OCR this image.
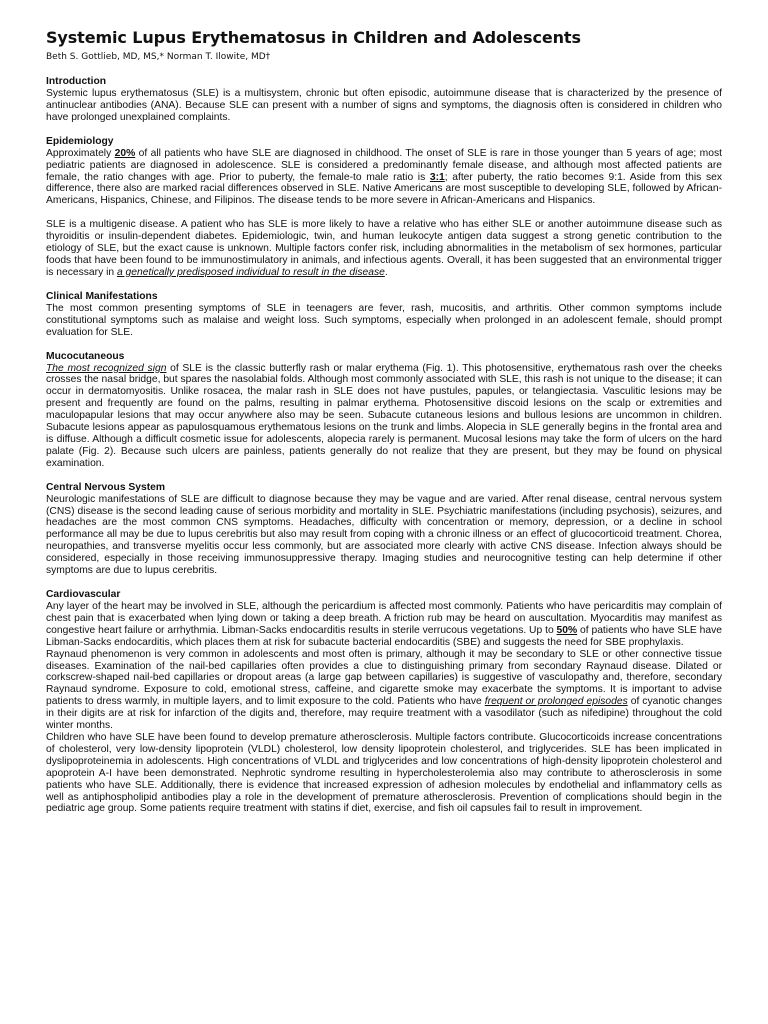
Systemic Lupus Erythematosus in Children and Adolescents
Beth S. Gottlieb, MD, MS,* Norman T. Ilowite, MD†
Introduction

Systemic lupus erythematosus (SLE) is a multisystem, chronic but often episodic, autoimmune disease that is characterized by the presence of antinuclear antibodies (ANA). Because SLE can present with a number of signs and symptoms, the diagnosis often is considered in children who have prolonged unexplained complaints.

Epidemiology

Approximately 20% of all patients who have SLE are diagnosed in childhood. The onset of SLE is rare in those younger than 5 years of age; most pediatric patients are diagnosed in adolescence. SLE is considered a predominantly female disease, and although most affected patients are female, the ratio changes with age. Prior to puberty, the female-to male ratio is 3:1; after puberty, the ratio becomes 9:1. Aside from this sex difference, there also are marked racial differences observed in SLE. Native Americans are most susceptible to developing SLE, followed by African-Americans, Hispanics, Chinese, and Filipinos. The disease tends to be more severe in African-Americans and Hispanics.

SLE is a multigenic disease. A patient who has SLE is more likely to have a relative who has either SLE or another autoimmune disease such as thyroiditis or insulin-dependent diabetes. Epidemiologic, twin, and human leukocyte antigen data suggest a strong genetic contribution to the etiology of SLE, but the exact cause is unknown. Multiple factors confer risk, including abnormalities in the metabolism of sex hormones, particular foods that have been found to be immunostimulatory in animals, and infectious agents. Overall, it has been suggested that an environmental trigger is necessary in a genetically predisposed individual to result in the disease.

Clinical Manifestations

The most common presenting symptoms of SLE in teenagers are fever, rash, mucositis, and arthritis. Other common symptoms include constitutional symptoms such as malaise and weight loss. Such symptoms, especially when prolonged in an adolescent female, should prompt evaluation for SLE.

Mucocutaneous

The most recognized sign of SLE is the classic butterfly rash or malar erythema (Fig. 1). This photosensitive, erythematous rash over the cheeks crosses the nasal bridge, but spares the nasolabial folds. Although most commonly associated with SLE, this rash is not unique to the disease; it can occur in dermatomyositis. Unlike rosacea, the malar rash in SLE does not have pustules, papules, or telangiectasia. Vasculitic lesions may be present and frequently are found on the palms, resulting in palmar erythema. Photosensitive discoid lesions on the scalp or extremities and maculopapular lesions that may occur anywhere also may be seen. Subacute cutaneous lesions and bullous lesions are uncommon in children. Subacute lesions appear as papulosquamous erythematous lesions on the trunk and limbs. Alopecia in SLE generally begins in the frontal area and is diffuse. Although a difficult cosmetic issue for adolescents, alopecia rarely is permanent. Mucosal lesions may take the form of ulcers on the hard palate (Fig. 2). Because such ulcers are painless, patients generally do not realize that they are present, but they may be found on physical examination.

Central Nervous System

Neurologic manifestations of SLE are difficult to diagnose because they may be vague and are varied. After renal disease, central nervous system (CNS) disease is the second leading cause of serious morbidity and mortality in SLE. Psychiatric manifestations (including psychosis), seizures, and headaches are the most common CNS symptoms. Headaches, difficulty with concentration or memory, depression, or a decline in school performance all may be due to lupus cerebritis but also may result from coping with a chronic illness or an effect of glucocorticoid treatment. Chorea, neuropathies, and transverse myelitis occur less commonly, but are associated more clearly with active CNS disease. Infection always should be considered, especially in those receiving immunosuppressive therapy. Imaging studies and neurocognitive testing can help determine if other symptoms are due to lupus cerebritis.

Cardiovascular

Any layer of the heart may be involved in SLE, although the pericardium is affected most commonly. Patients who have pericarditis may complain of chest pain that is exacerbated when lying down or taking a deep breath. A friction rub may be heard on auscultation. Myocarditis may manifest as congestive heart failure or arrhythmia. Libman-Sacks endocarditis results in sterile verrucous vegetations. Up to 50% of patients who have SLE have Libman-Sacks endocarditis, which places them at risk for subacute bacterial endocarditis (SBE) and suggests the need for SBE prophylaxis.

Raynaud phenomenon is very common in adolescents and most often is primary, although it may be secondary to SLE or other connective tissue diseases. Examination of the nail-bed capillaries often provides a clue to distinguishing primary from secondary Raynaud disease. Dilated or corkscrew-shaped nail-bed capillaries or dropout areas (a large gap between capillaries) is suggestive of vasculopathy and, therefore, secondary Raynaud syndrome. Exposure to cold, emotional stress, caffeine, and cigarette smoke may exacerbate the symptoms. It is important to advise patients to dress warmly, in multiple layers, and to limit exposure to the cold. Patients who have frequent or prolonged episodes of cyanotic changes in their digits are at risk for infarction of the digits and, therefore, may require treatment with a vasodilator (such as nifedipine) throughout the cold winter months.

Children who have SLE have been found to develop premature atherosclerosis. Multiple factors contribute. Glucocorticoids increase concentrations of cholesterol, very low-density lipoprotein (VLDL) cholesterol, low density lipoprotein cholesterol, and triglycerides. SLE has been implicated in dyslipoproteinemia in adolescents. High concentrations of VLDL and triglycerides and low concentrations of high-density lipoprotein cholesterol and apoprotein A-I have been demonstrated. Nephrotic syndrome resulting in hypercholesterolemia also may contribute to atherosclerosis in some patients who have SLE. Additionally, there is evidence that increased expression of adhesion molecules by endothelial and inflammatory cells as well as antiphospholipid antibodies play a role in the development of premature atherosclerosis. Prevention of complications should begin in the pediatric age group. Some patients require treatment with statins if diet, exercise, and fish oil capsules fail to result in improvement.
